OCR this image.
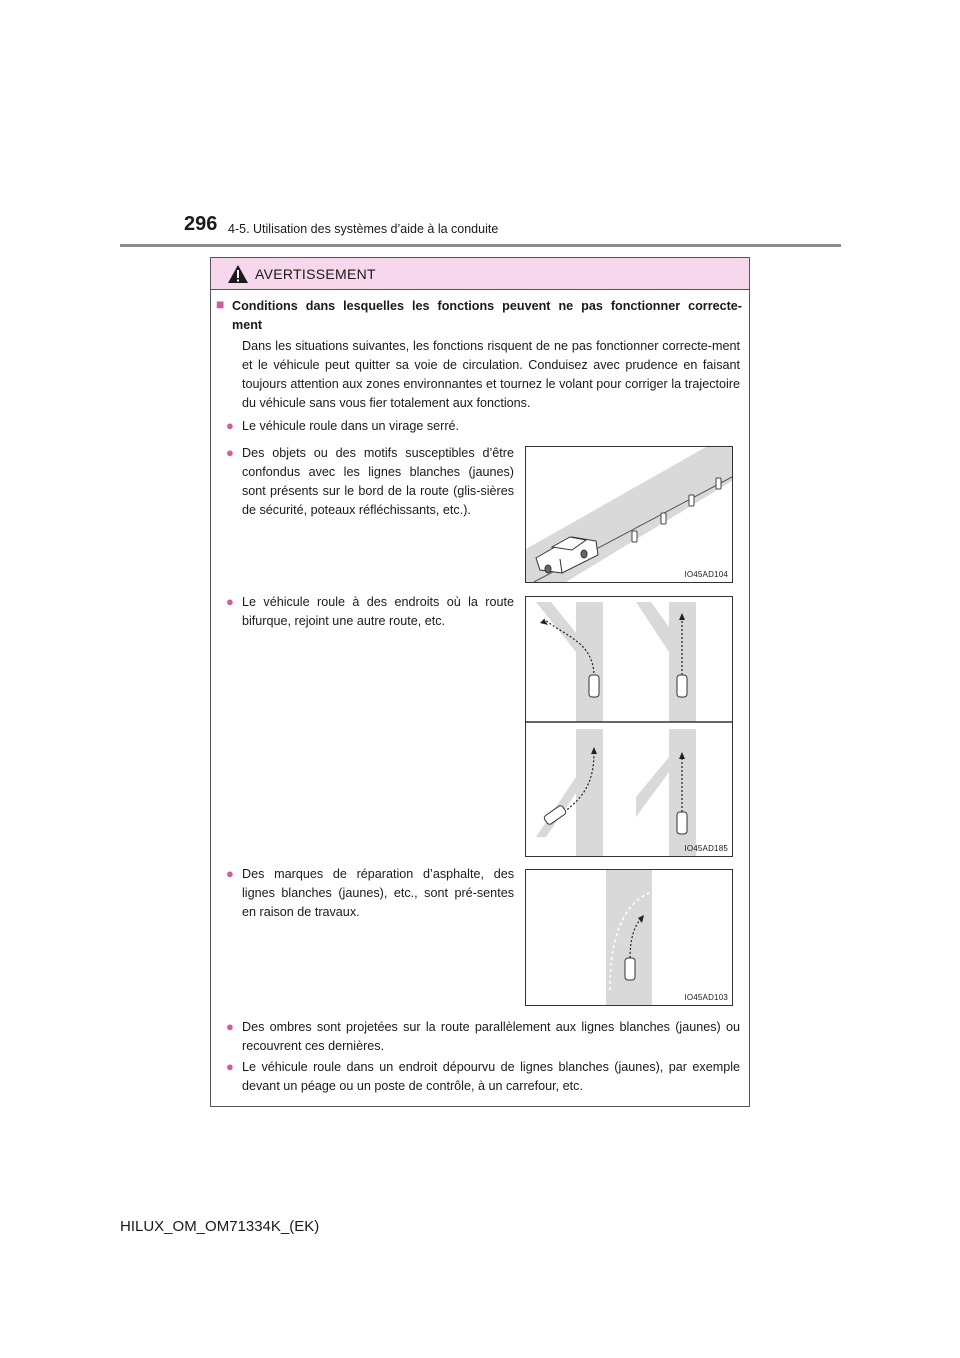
296 4-5. Utilisation des systèmes d’aide à la conduite
AVERTISSEMENT
■ Conditions dans lesquelles les fonctions peuvent ne pas fonctionner correcte-
ment
Dans les situations suivantes, les fonctions risquent de ne pas fonctionner correcte-ment et le véhicule peut quitter sa voie de circulation. Conduisez avec prudence en faisant toujours attention aux zones environnantes et tournez le volant pour corriger la trajectoire du véhicule sans vous fier totalement aux fonctions.
● Le véhicule roule dans un virage serré.
● Des objets ou des motifs susceptibles d’être confondus avec les lignes blanches (jaunes) sont présents sur le bord de la route (glis-sières de sécurité, poteaux réfléchissants, etc.).
IO45AD104
● Le véhicule roule à des endroits où la route bifurque, rejoint une autre route, etc.
IO45AD185
● Des marques de réparation d’asphalte, des lignes blanches (jaunes), etc., sont pré-sentes en raison de travaux.
IO45AD103
● Des ombres sont projetées sur la route parallèlement aux lignes blanches (jaunes) ou recouvrent ces dernières.
● Le véhicule roule dans un endroit dépourvu de lignes blanches (jaunes), par exemple devant un péage ou un poste de contrôle, à un carrefour, etc.
HILUX_OM_OM71334K_(EK)
